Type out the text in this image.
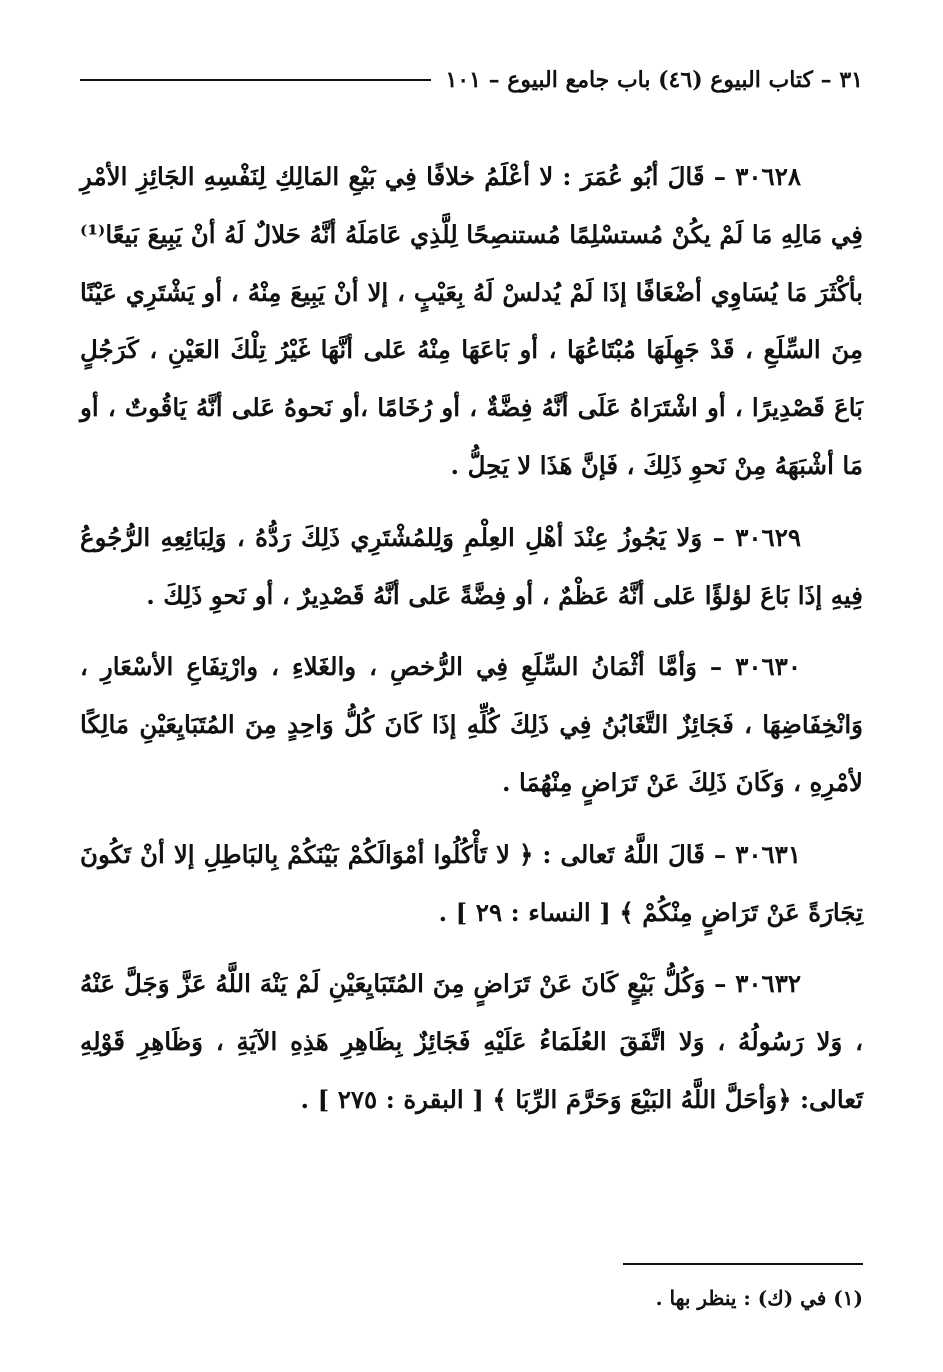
٣١ – كتاب البيوع (٤٦) باب جامع البيوع – ١٠١

٣٠٦٢٨ – قَالَ أبُو عُمَرَ : لا أعْلَمُ خلافًا فِي بَيْعِ المَالِكِ لِنَفْسِهِ الجَائِزِ الأمْرِ فِي مَالِهِ مَا لَمْ يكُنْ مُستسْلِمًا مُستنصِحًا لِلَّذِي عَامَلَهُ أنَّهُ حَلالٌ لَهُ أنْ يَبِيعَ بَيعًا⁽¹⁾ بأكْثَرَ مَا يُسَاوِي أضْعَافًا إذَا لَمْ يُدلسْ لَهُ بِعَيْبٍ ، إلا أنْ يَبِيعَ مِنْهُ ، أو يَشْتَرِي عَيْنًا مِنَ السِّلَعِ ، قَدْ جَهِلَهَا مُبْتَاعُهَا ، أو بَاعَهَا مِنْهُ عَلى أنَّهَا غَيْرُ تِلْكَ العَيْنِ ، كَرَجُلٍ بَاعَ قَصْدِيرًا ، أو اشْتَرَاهُ عَلَى أنَّهُ فِضَّةٌ ، أو رُخَامًا ،أو نَحوهُ عَلى أنَّهُ يَاقُوتٌ ، أو مَا أشْبَهَهُ مِنْ نَحوِ ذَلِكَ ، فَإنَّ هَذَا لا يَحِلُّ .

٣٠٦٢٩ – وَلا يَجُوزُ عِنْدَ أهْلِ العِلْمِ وَلِلمُشْتَرِي ذَلِكَ رَدُّهُ ، وَلِبَائِعِهِ الرُّجُوعُ فِيهِ إذَا بَاعَ لؤلؤًا عَلى أنَّهُ عَظْمٌ ، أو فِضَّةً عَلى أنَّهُ قَصْدِيرٌ ، أو نَحوِ ذَلِكَ .

٣٠٦٣٠ – وَأمَّا أثْمَانُ السِّلَعِ فِي الرُّخصِ ، والغَلاءِ ، وارْتِفَاعِ الأسْعَارِ ، وَانْخِفَاضِهَا ، فَجَائِزٌ التَّغَابُنُ فِي ذَلِكَ كُلِّهِ إذَا كَانَ كُلُّ وَاحِدٍ مِنَ المُتَبَايِعَيْنِ مَالِكًا لأمْرِهِ ، وَكَانَ ذَلِكَ عَنْ تَرَاضٍ مِنْهُمَا .

٣٠٦٣١ – قَالَ اللَّهُ تَعالى : ﴿ لا تَأْكُلُوا أمْوَالَكُمْ بَيْنَكُمْ بِالبَاطِلِ إلا أنْ تَكُونَ تِجَارَةً عَنْ تَرَاضٍ مِنْكُمْ ﴾ [ النساء : ٢٩ ] .

٣٠٦٣٢ – وَكُلُّ بَيْعٍ كَانَ عَنْ تَرَاضٍ مِنَ المُتَبَايِعَيْنِ لَمْ يَنْهَ اللَّهُ عَزَّ وَجَلَّ عَنْهُ ، وَلا رَسُولُهُ ، وَلا اتَّفَقَ العُلَمَاءُ عَلَيْهِ فَجَائِزٌ بِظَاهِرِ هَذِهِ الآيَةِ ، وَظَاهِرِ قَوْلِهِ تَعالى: ﴿وَأحَلَّ اللَّهُ البَيْعَ وَحَرَّمَ الرِّبَا ﴾ [ البقرة : ٢٧٥ ] .

(١) في (ك) : ينظر بها .
